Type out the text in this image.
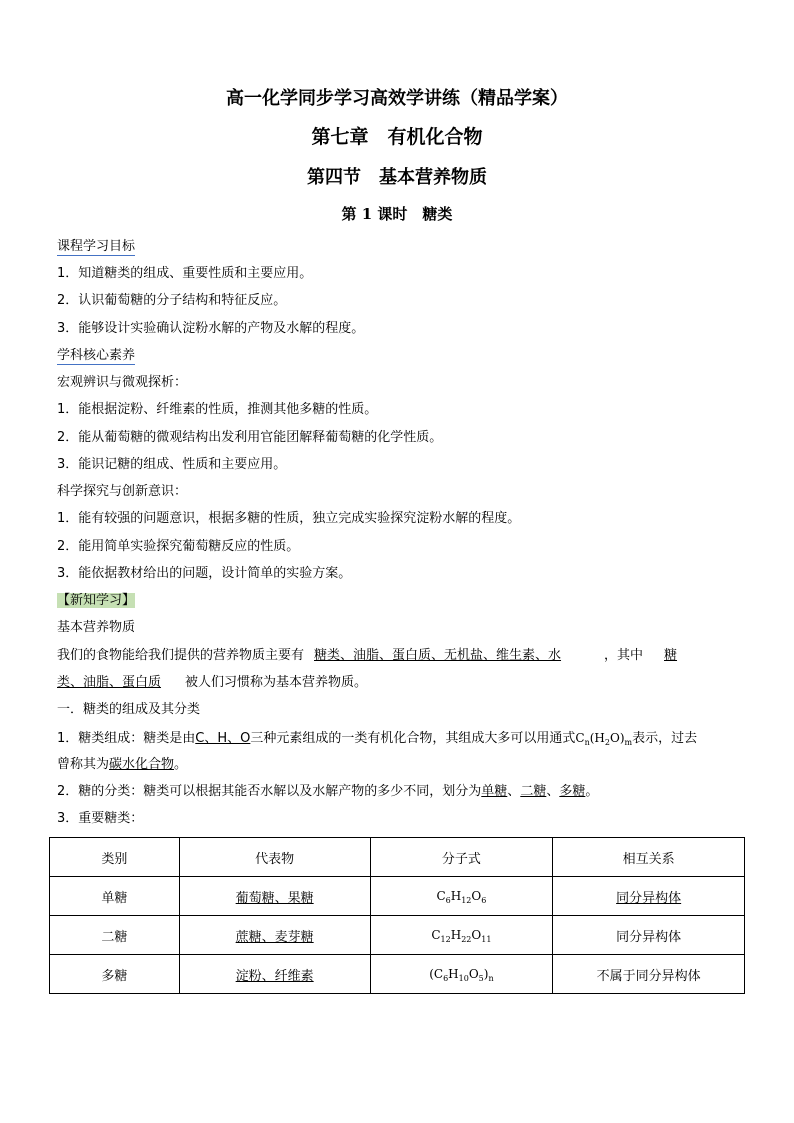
高一化学同步学习高效学讲练（精品学案）
第七章　有机化合物
第四节　基本营养物质
第 1 课时　糖类
课程学习目标
1．知道糖类的组成、重要性质和主要应用。
2．认识葡萄糖的分子结构和特征反应。
3．能够设计实验确认淀粉水解的产物及水解的程度。
学科核心素养
宏观辨识与微观探析：
1．能根据淀粉、纤维素的性质，推测其他多糖的性质。
2．能从葡萄糖的微观结构出发利用官能团解释葡萄糖的化学性质。
3．能识记糖的组成、性质和主要应用。
科学探究与创新意识：
1．能有较强的问题意识，根据多糖的性质，独立完成实验探究淀粉水解的程度。
2．能用简单实验探究葡萄糖反应的性质。
3．能依据教材给出的问题，设计简单的实验方案。
【新知学习】
基本营养物质
我们的食物能给我们提供的营养物质主要有 糖类、油脂、蛋白质、无机盐、维生素、水	，其中 糖
类、油脂、蛋白质 被人们习惯称为基本营养物质。
一．糖类的组成及其分类
1．糖类组成：糖类是由C、H、O三种元素组成的一类有机化合物，其组成大多可以用通式$C_n(H_2O)_m$表示，过去
曾称其为碳水化合物。
2．糖的分类：糖类可以根据其能否水解以及水解产物的多少不同，划分为单糖、二糖、多糖。
3．重要糖类：
类别	代表物	分子式	相互关系
单糖	葡萄糖、果糖	$C_6H_{12}O_6$	同分异构体
二糖	蔗糖、麦芽糖	$C_{12}H_{22}O_{11}$	同分异构体
多糖	淀粉、纤维素	$(C_6H_{10}O_5)_n$	不属于同分异构体
